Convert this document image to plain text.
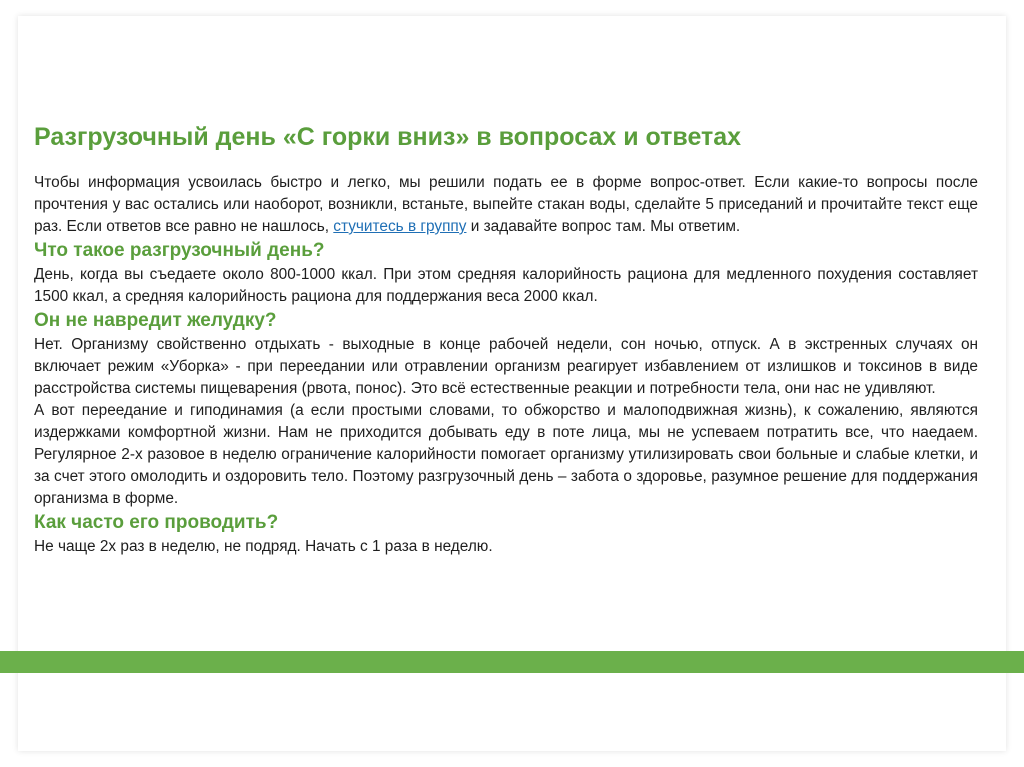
Разгрузочный день «С горки вниз» в вопросах и ответах

Чтобы информация усвоилась быстро и легко, мы решили подать ее в форме вопрос-ответ. Если какие-то вопросы после прочтения у вас остались или наоборот, возникли, встаньте, выпейте стакан воды, сделайте 5 приседаний и прочитайте текст еще раз. Если ответов все равно не нашлось, стучитесь в группу и задавайте вопрос там. Мы ответим.

Что такое разгрузочный день?

День, когда вы съедаете около 800-1000 ккал. При этом средняя калорийность рациона для медленного похудения составляет 1500 ккал, а средняя калорийность рациона для поддержания веса 2000 ккал.

Он не навредит желудку?

Нет. Организму свойственно отдыхать - выходные в конце рабочей недели, сон ночью, отпуск. А в экстренных случаях он включает режим «Уборка» - при переедании или отравлении организм реагирует избавлением от излишков и токсинов в виде расстройства системы пищеварения (рвота, понос). Это всё естественные реакции и потребности тела, они нас не удивляют.

А вот переедание и гиподинамия (а если простыми словами, то обжорство и малоподвижная жизнь), к сожалению, являются издержками комфортной жизни. Нам не приходится добывать еду в поте лица, мы не успеваем потратить все, что наедаем. Регулярное 2-х разовое в неделю ограничение калорийности помогает организму утилизировать свои больные и слабые клетки, и за счет этого омолодить и оздоровить тело. Поэтому разгрузочный день – забота о здоровье, разумное решение для поддержания организма в форме.

Как часто его проводить?

Не чаще 2х раз в неделю, не подряд. Начать с 1 раза в неделю.
